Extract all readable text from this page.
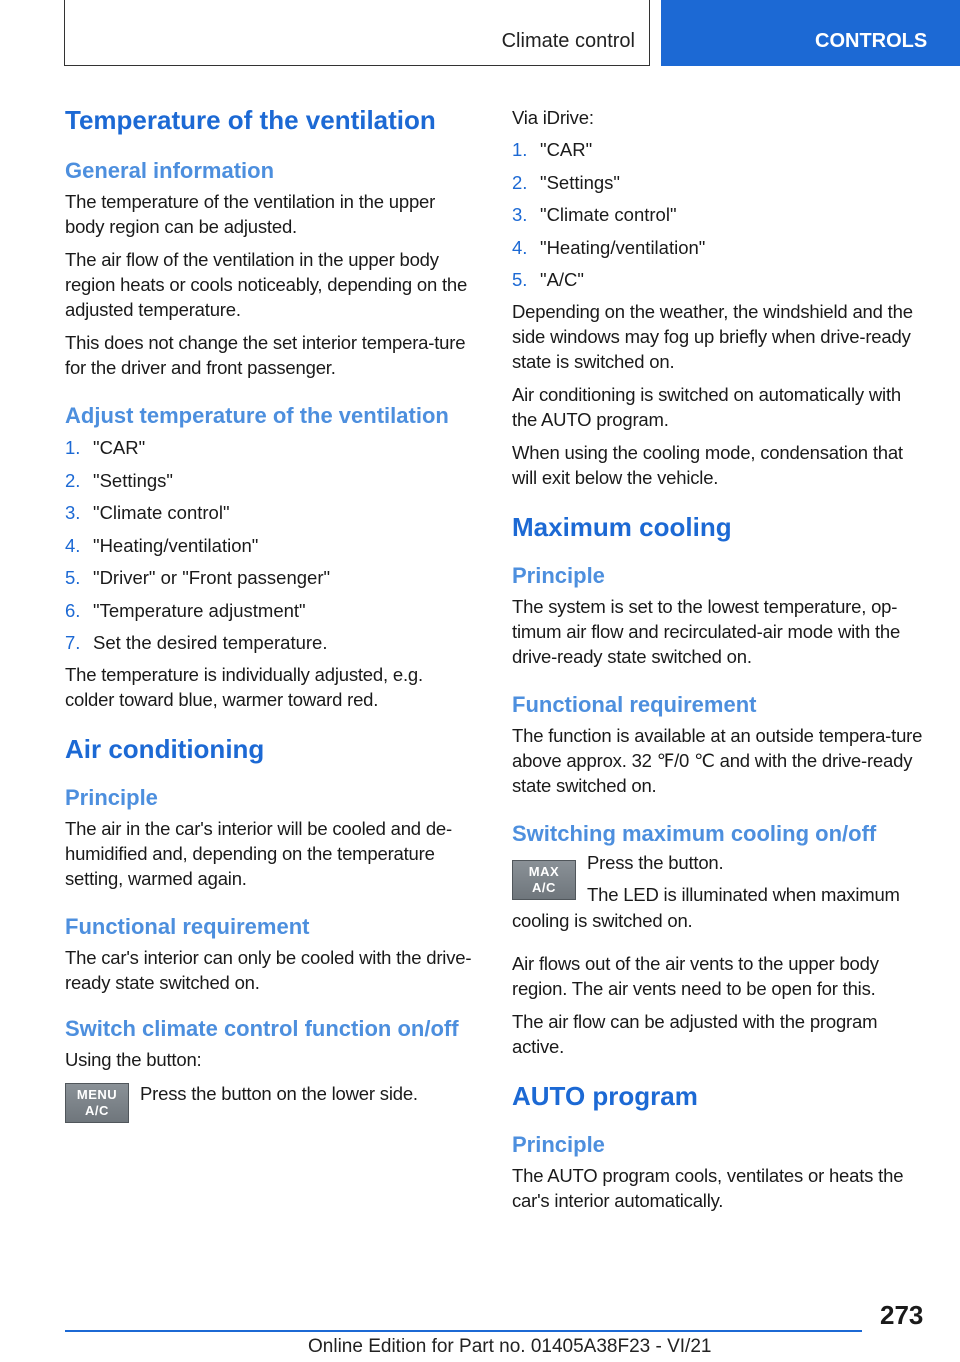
Climate control	CONTROLS
Temperature of the ventilation
General information
The temperature of the ventilation in the upper body region can be adjusted.
The air flow of the ventilation in the upper body region heats or cools noticeably, depending on the adjusted temperature.
This does not change the set interior tempera-ture for the driver and front passenger.
Adjust temperature of the ventilation
1. "CAR"
2. "Settings"
3. "Climate control"
4. "Heating/ventilation"
5. "Driver" or "Front passenger"
6. "Temperature adjustment"
7. Set the desired temperature.
The temperature is individually adjusted, e.g. colder toward blue, warmer toward red.
Air conditioning
Principle
The air in the car's interior will be cooled and de-humidified and, depending on the temperature setting, warmed again.
Functional requirement
The car's interior can only be cooled with the drive-ready state switched on.
Switch climate control function on/off
Using the button:
MENU
A/C
Press the button on the lower side.
Via iDrive:
1. "CAR"
2. "Settings"
3. "Climate control"
4. "Heating/ventilation"
5. "A/C"
Depending on the weather, the windshield and the side windows may fog up briefly when drive-ready state is switched on.
Air conditioning is switched on automatically with the AUTO program.
When using the cooling mode, condensation that will exit below the vehicle.
Maximum cooling
Principle
The system is set to the lowest temperature, op-timum air flow and recirculated-air mode with the drive-ready state switched on.
Functional requirement
The function is available at an outside tempera-ture above approx. 32 ℉/0 ℃ and with the drive-ready state switched on.
Switching maximum cooling on/off
MAX
A/C
Press the button.
The LED is illuminated when maximum
cooling is switched on.
Air flows out of the air vents to the upper body region. The air vents need to be open for this.
The air flow can be adjusted with the program active.
AUTO program
Principle
The AUTO program cools, ventilates or heats the car's interior automatically.
273
Online Edition for Part no. 01405A38F23 - VI/21
